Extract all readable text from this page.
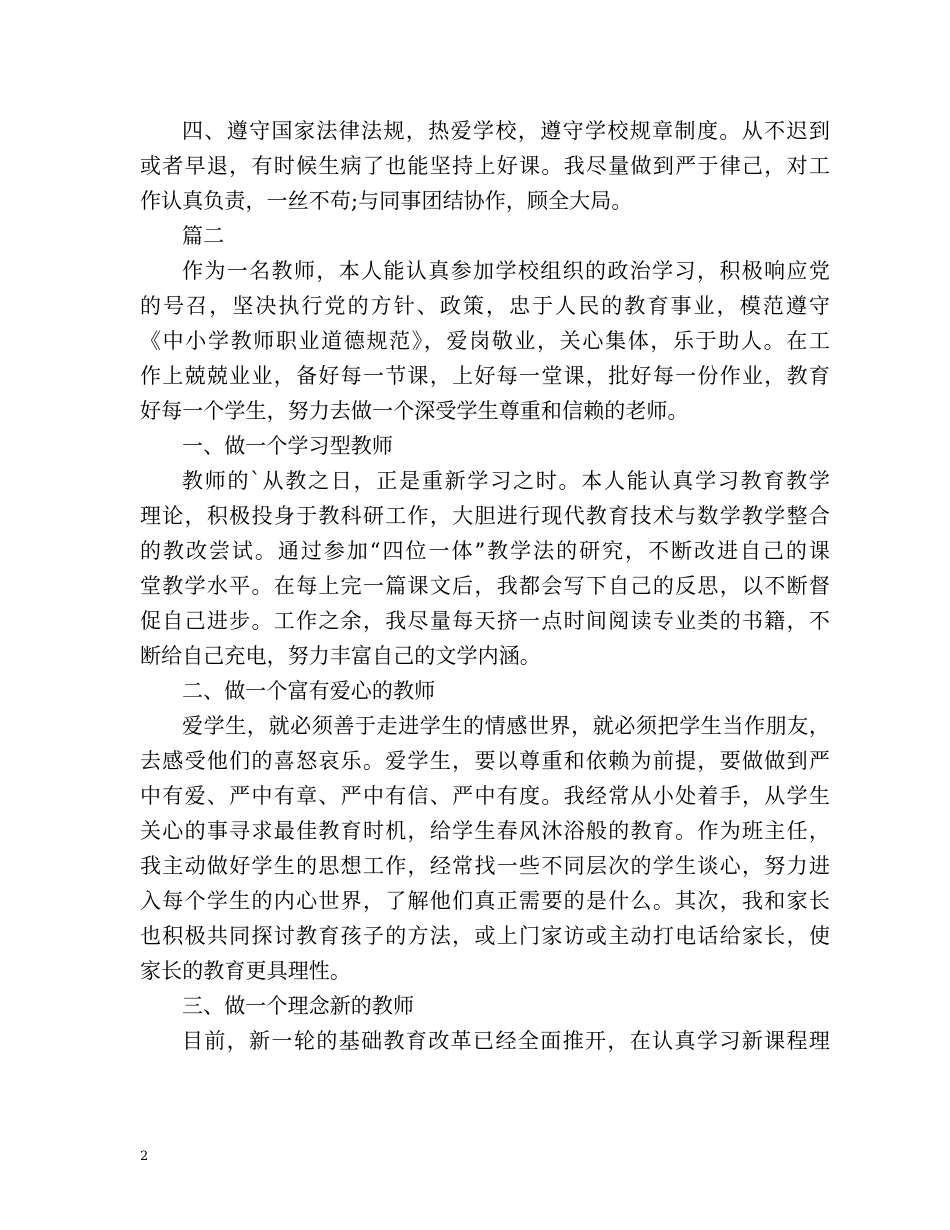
四、遵守国家法律法规，热爱学校，遵守学校规章制度。从不迟到
或者早退，有时候生病了也能坚持上好课。我尽量做到严于律己，对工
作认真负责，一丝不苟;与同事团结协作，顾全大局。
篇二
作为一名教师，本人能认真参加学校组织的政治学习，积极响应党
的号召，坚决执行党的方针、政策，忠于人民的教育事业，模范遵守
《中小学教师职业道德规范》，爱岗敬业，关心集体，乐于助人。在工
作上兢兢业业，备好每一节课，上好每一堂课，批好每一份作业，教育
好每一个学生，努力去做一个深受学生尊重和信赖的老师。
一、做一个学习型教师
教师的`从教之日，正是重新学习之时。本人能认真学习教育教学
理论，积极投身于教科研工作，大胆进行现代教育技术与数学教学整合
的教改尝试。通过参加“四位一体”教学法的研究，不断改进自己的课
堂教学水平。在每上完一篇课文后，我都会写下自己的反思，以不断督
促自己进步。工作之余，我尽量每天挤一点时间阅读专业类的书籍，不
断给自己充电，努力丰富自己的文学内涵。
二、做一个富有爱心的教师
爱学生，就必须善于走进学生的情感世界，就必须把学生当作朋友，
去感受他们的喜怒哀乐。爱学生，要以尊重和依赖为前提，要做做到严
中有爱、严中有章、严中有信、严中有度。我经常从小处着手，从学生
关心的事寻求最佳教育时机，给学生春风沐浴般的教育。作为班主任，
我主动做好学生的思想工作，经常找一些不同层次的学生谈心，努力进
入每个学生的内心世界，了解他们真正需要的是什么。其次，我和家长
也积极共同探讨教育孩子的方法，或上门家访或主动打电话给家长，使
家长的教育更具理性。
三、做一个理念新的教师
目前，新一轮的基础教育改革已经全面推开，在认真学习新课程理
2
